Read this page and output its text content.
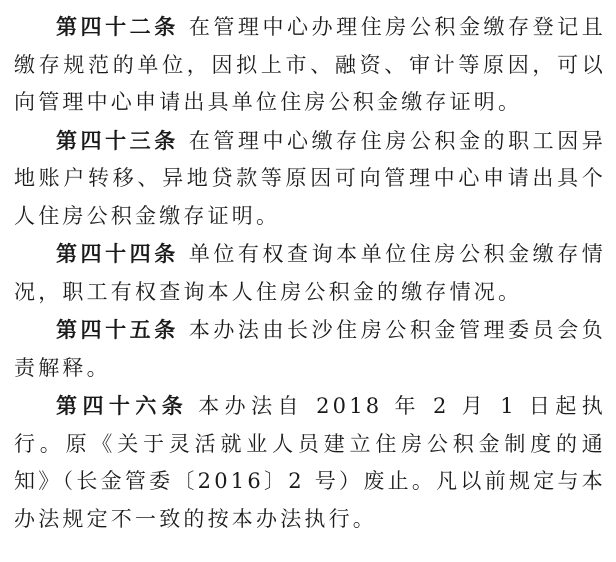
第四十二条 在管理中心办理住房公积金缴存登记且缴存规范的单位，因拟上市、融资、审计等原因，可以向管理中心申请出具单位住房公积金缴存证明。

第四十三条 在管理中心缴存住房公积金的职工因异地账户转移、异地贷款等原因可向管理中心申请出具个人住房公积金缴存证明。

第四十四条 单位有权查询本单位住房公积金缴存情况，职工有权查询本人住房公积金的缴存情况。

第四十五条 本办法由长沙住房公积金管理委员会负责解释。

第四十六条 本办法自 2018 年 2 月 1 日起执行。原《关于灵活就业人员建立住房公积金制度的通知》（长金管委〔2016〕2 号）废止。凡以前规定与本办法规定不一致的按本办法执行。
